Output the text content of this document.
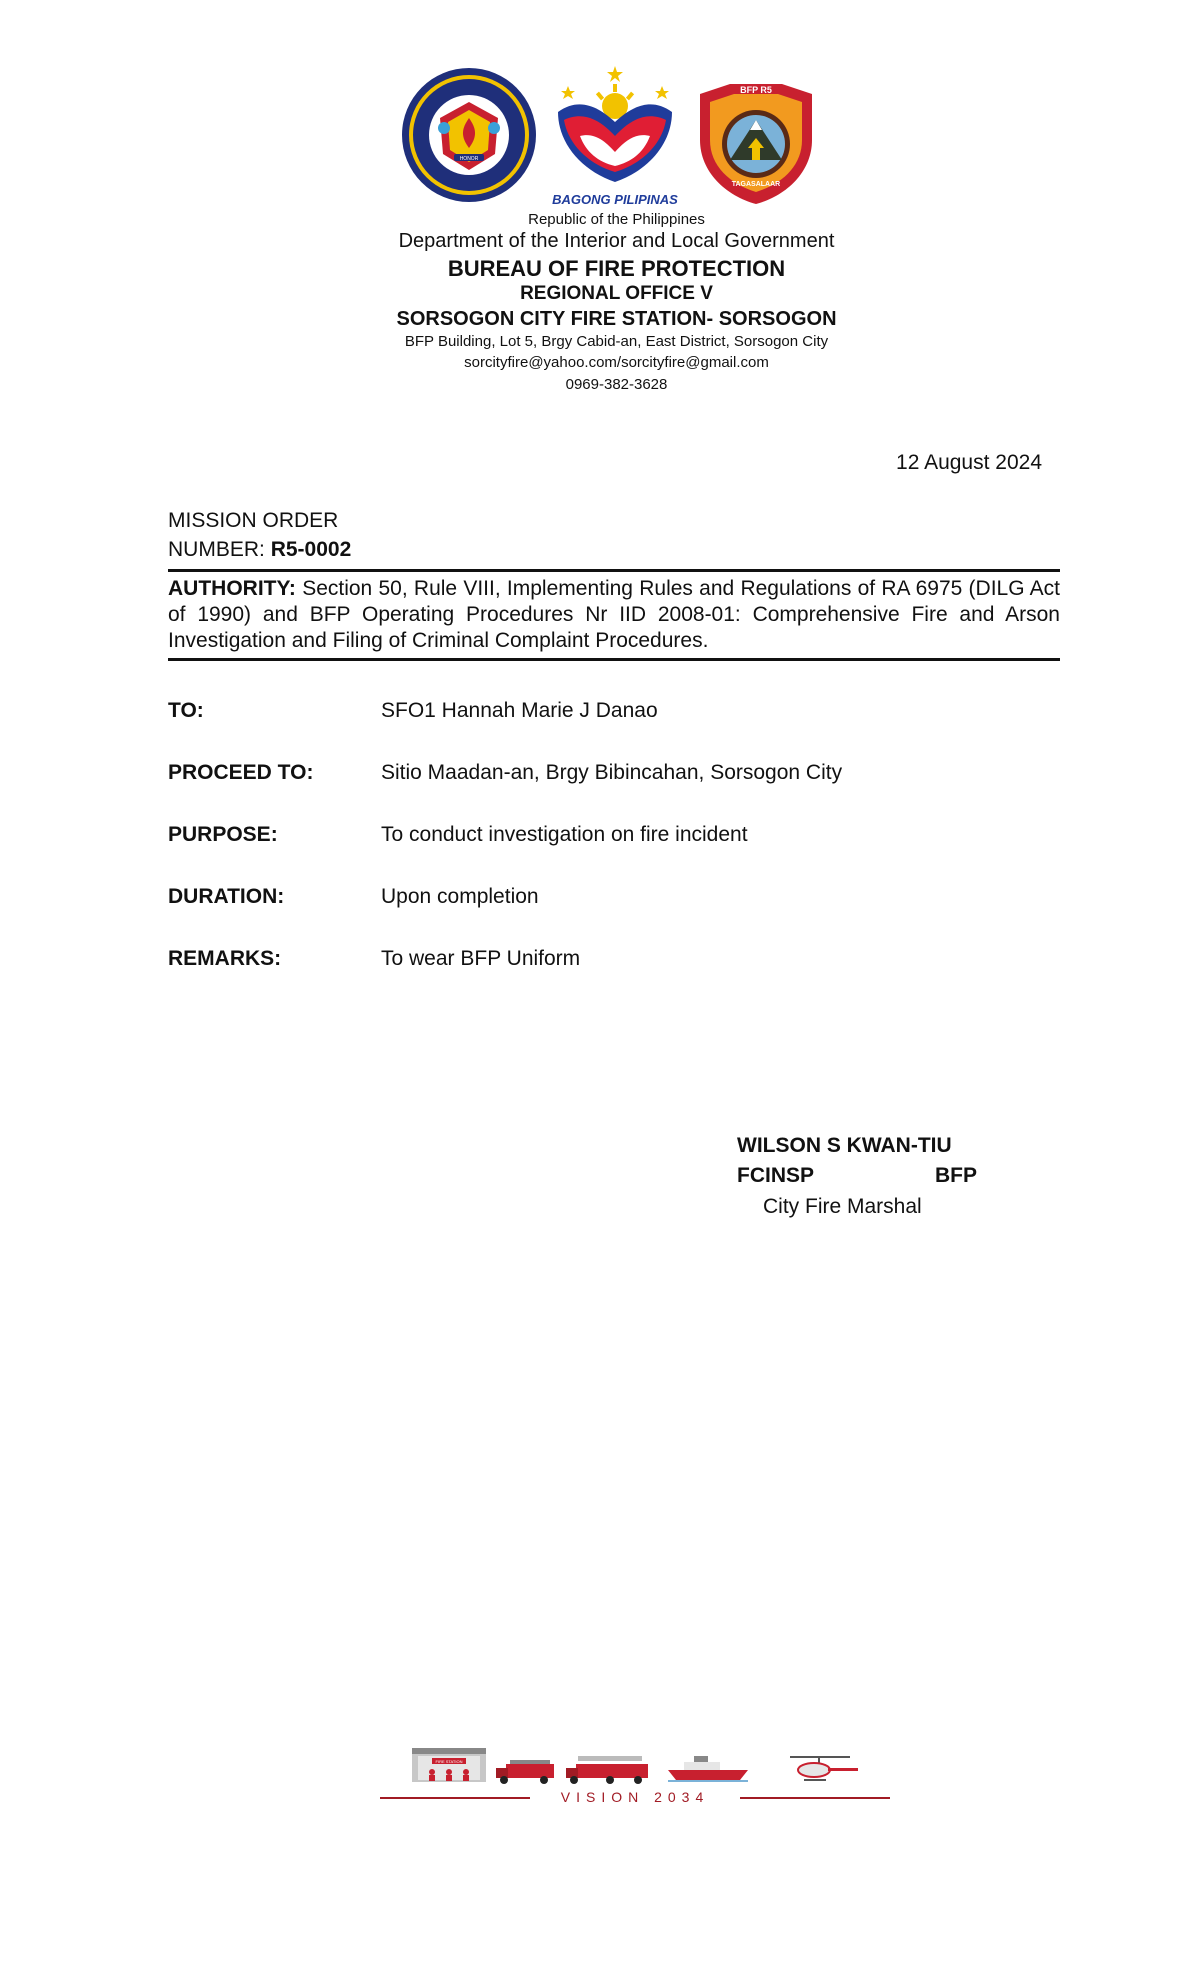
HONOR
BAGONG PILIPINAS
BFP R5
TAGASALAAR
Republic of the Philippines
Department of the Interior and Local Government
BUREAU OF FIRE PROTECTION
REGIONAL OFFICE V
SORSOGON CITY FIRE STATION- SORSOGON
BFP Building, Lot 5, Brgy Cabid-an, East District, Sorsogon City
sorcityfire@yahoo.com/sorcityfire@gmail.com
0969-382-3628
12 August 2024
MISSION ORDER
NUMBER: R5-0002
AUTHORITY: Section 50, Rule VIII, Implementing Rules and Regulations of RA 6975 (DILG Act of 1990) and BFP Operating Procedures Nr IID 2008-01: Comprehensive Fire and Arson Investigation and Filing of Criminal Complaint Procedures.
TO:	SFO1 Hannah Marie J Danao
PROCEED TO:	Sitio Maadan-an, Brgy Bibincahan, Sorsogon City
PURPOSE:	To conduct investigation on fire incident
DURATION:	Upon completion
REMARKS:	To wear BFP Uniform
WILSON S KWAN-TIU
FCINSP	BFP
City Fire Marshal
FIRE STATION
VISION 2034
